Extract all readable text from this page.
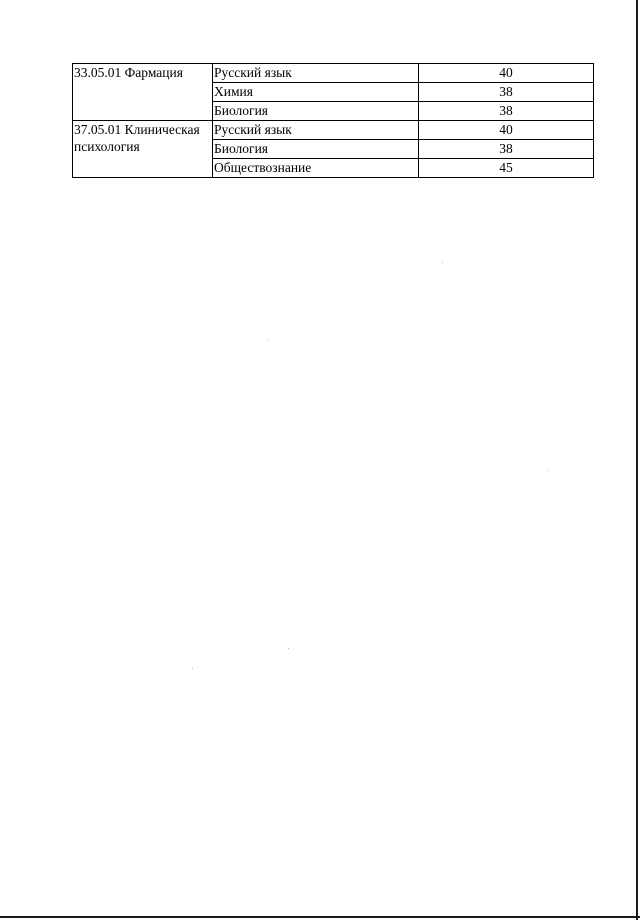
33.05.01 Фармация	Русский язык	40
	Химия	38
	Биология	38
37.05.01 Клиническая психология	Русский язык	40
	Биология	38
	Обществознание	45
